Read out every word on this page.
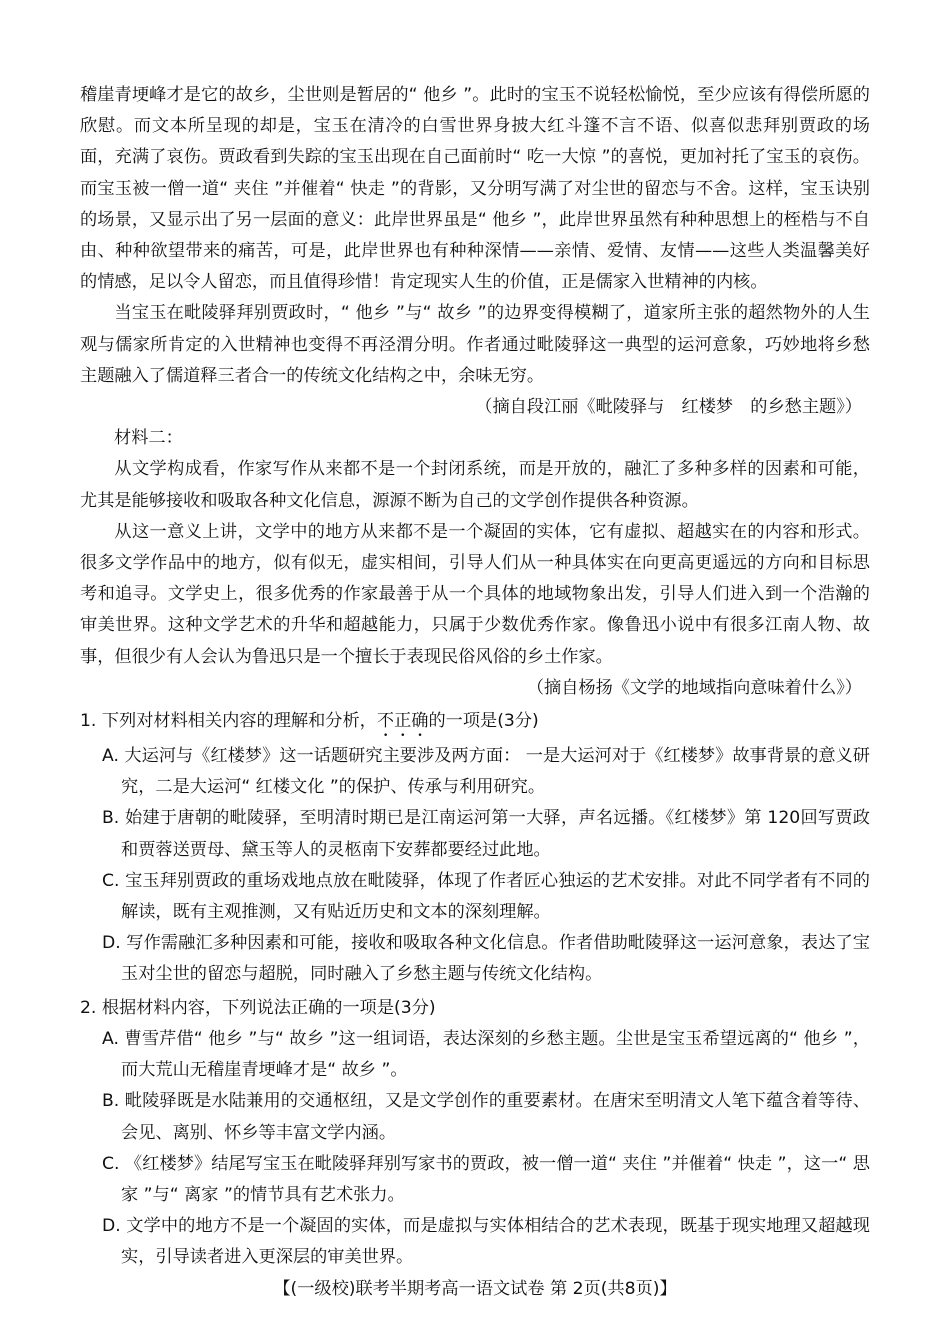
稽崖青埂峰才是它的故乡，尘世则是暂居的“ 他乡 ”。此时的宝玉不说轻松愉悦，至少应该有得偿所愿的欣慰。而文本所呈现的却是，宝玉在清冷的白雪世界身披大红斗篷不言不语、似喜似悲拜别贾政的场面，充满了哀伤。贾政看到失踪的宝玉出现在自己面前时“ 吃一大惊 ”的喜悦，更加衬托了宝玉的哀伤。而宝玉被一僧一道“ 夹住 ”并催着“ 快走 ”的背影，又分明写满了对尘世的留恋与不舍。这样，宝玉诀别的场景，又显示出了另一层面的意义：此岸世界虽是“ 他乡 ”，此岸世界虽然有种种思想上的桎梏与不自由、种种欲望带来的痛苦，可是，此岸世界也有种种深情——亲情、爱情、友情——这些人类温馨美好的情感，足以令人留恋，而且值得珍惜！肯定现实人生的价值，正是儒家入世精神的内核。

当宝玉在毗陵驿拜别贾政时，“ 他乡 ”与“ 故乡 ”的边界变得模糊了，道家所主张的超然物外的人生观与儒家所肯定的入世精神也变得不再泾渭分明。作者通过毗陵驿这一典型的运河意象，巧妙地将乡愁主题融入了儒道释三者合一的传统文化结构之中，余味无穷。

（摘自段江丽《毗陵驿与　红楼梦　的乡愁主题》）

材料二：

从文学构成看，作家写作从来都不是一个封闭系统，而是开放的，融汇了多种多样的因素和可能，尤其是能够接收和吸取各种文化信息，源源不断为自己的文学创作提供各种资源。

从这一意义上讲，文学中的地方从来都不是一个凝固的实体，它有虚拟、超越实在的内容和形式。很多文学作品中的地方，似有似无，虚实相间，引导人们从一种具体实在向更高更遥远的方向和目标思考和追寻。文学史上，很多优秀的作家最善于从一个具体的地域物象出发，引导人们进入到一个浩瀚的审美世界。这种文学艺术的升华和超越能力，只属于少数优秀作家。像鲁迅小说中有很多江南人物、故事，但很少有人会认为鲁迅只是一个擅长于表现民俗风俗的乡土作家。

（摘自杨扬《文学的地域指向意味着什么》）

1. 下列对材料相关内容的理解和分析，不正确的一项是(3分)

A. 大运河与《红楼梦》这一话题研究主要涉及两方面： 一是大运河对于《红楼梦》故事背景的意义研究，二是大运河“ 红楼文化 ”的保护、传承与利用研究。

B. 始建于唐朝的毗陵驿，至明清时期已是江南运河第一大驿，声名远播。《红楼梦》第 120回写贾政和贾蓉送贾母、黛玉等人的灵柩南下安葬都要经过此地。

C. 宝玉拜别贾政的重场戏地点放在毗陵驿，体现了作者匠心独运的艺术安排。对此不同学者有不同的解读，既有主观推测，又有贴近历史和文本的深刻理解。

D. 写作需融汇多种因素和可能，接收和吸取各种文化信息。作者借助毗陵驿这一运河意象，表达了宝玉对尘世的留恋与超脱，同时融入了乡愁主题与传统文化结构。

2. 根据材料内容，下列说法正确的一项是(3分)

A. 曹雪芹借“ 他乡 ”与“ 故乡 ”这一组词语，表达深刻的乡愁主题。尘世是宝玉希望远离的“ 他乡 ”，而大荒山无稽崖青埂峰才是“ 故乡 ”。

B. 毗陵驿既是水陆兼用的交通枢纽，又是文学创作的重要素材。在唐宋至明清文人笔下蕴含着等待、会见、离别、怀乡等丰富文学内涵。

C. 《红楼梦》结尾写宝玉在毗陵驿拜别写家书的贾政，被一僧一道“ 夹住 ”并催着“ 快走 ”，这一“ 思家 ”与“ 离家 ”的情节具有艺术张力。

D. 文学中的地方不是一个凝固的实体，而是虚拟与实体相结合的艺术表现，既基于现实地理又超越现实，引导读者进入更深层的审美世界。

【(一级校)联考半期考高一语文试卷 第 2页(共8页)】
